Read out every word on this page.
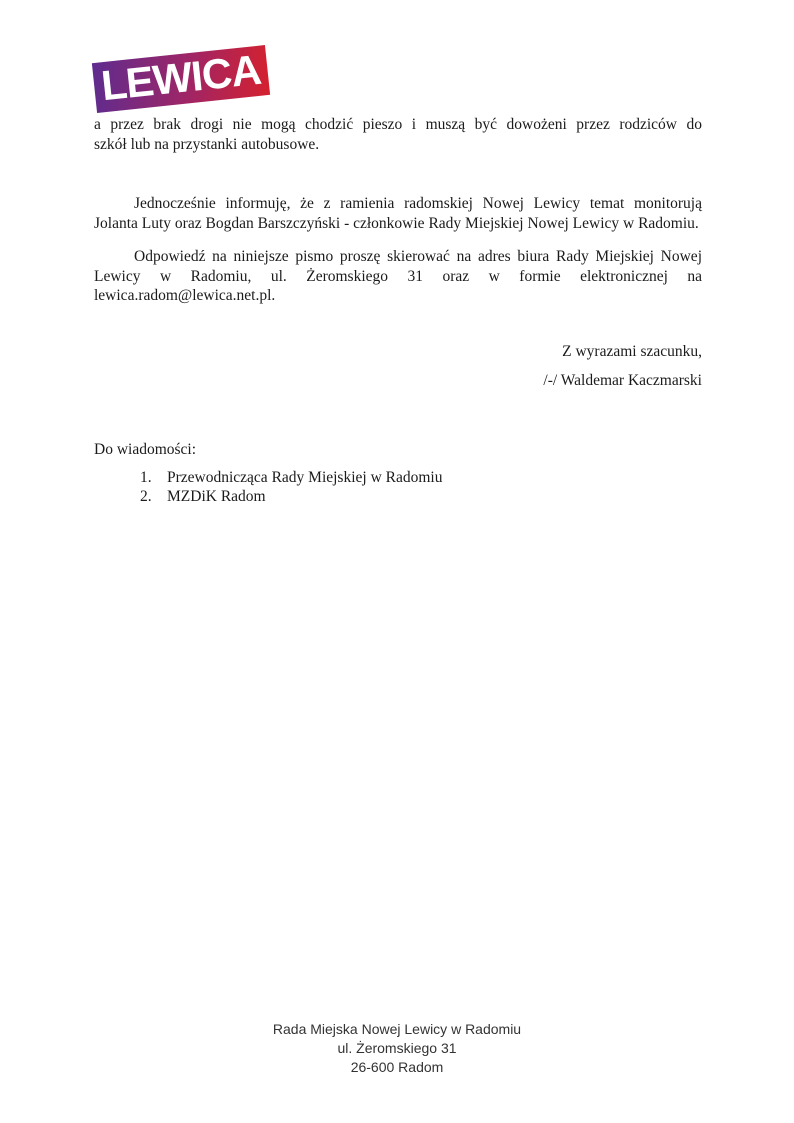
LEWICA
a przez brak drogi nie mogą chodzić pieszo i muszą być dowożeni przez rodziców do
szkół lub na przystanki autobusowe.
Jednocześnie informuję, że z ramienia radomskiej Nowej Lewicy temat monitorują
Jolanta Luty oraz Bogdan Barszczyński - członkowie Rady Miejskiej Nowej Lewicy w Radomiu.
Odpowiedź na niniejsze pismo proszę skierować na adres biura Rady Miejskiej Nowej
Lewicy w Radomiu, ul. Żeromskiego 31 oraz w formie elektronicznej na
lewica.radom@lewica.net.pl.
Z wyrazami szacunku,
/-/ Waldemar Kaczmarski
Do wiadomości:
1. Przewodnicząca Rady Miejskiej w Radomiu
2. MZDiK Radom
Rada Miejska Nowej Lewicy w Radomiu
ul. Żeromskiego 31
26-600 Radom
